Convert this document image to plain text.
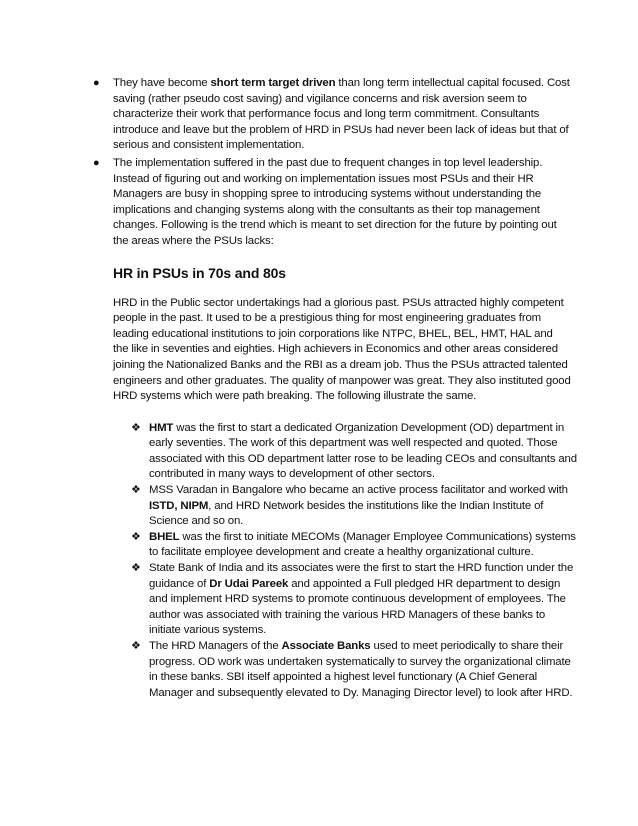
●	They have become short term target driven than long term intellectual capital focused. Cost saving (rather pseudo cost saving) and vigilance concerns and risk aversion seem to characterize their work that performance focus and long term commitment. Consultants introduce and leave but the problem of HRD in PSUs had never been lack of ideas but that of serious and consistent implementation.
●	The implementation suffered in the past due to frequent changes in top level leadership. Instead of figuring out and working on implementation issues most PSUs and their HR Managers are busy in shopping spree to introducing systems without understanding the implications and changing systems along with the consultants as their top management changes. Following is the trend which is meant to set direction for the future by pointing out the areas where the PSUs lacks:
HR in PSUs in 70s and 80s
HRD in the Public sector undertakings had a glorious past. PSUs attracted highly competent people in the past. It used to be a prestigious thing for most engineering graduates from leading educational institutions to join corporations like NTPC, BHEL, BEL, HMT, HAL and the like in seventies and eighties. High achievers in Economics and other areas considered joining the Nationalized Banks and the RBI as a dream job. Thus the PSUs attracted talented engineers and other graduates. The quality of manpower was great. They also instituted good HRD systems which were path breaking. The following illustrate the same.
❖ HMT was the first to start a dedicated Organization Development (OD) department in early seventies. The work of this department was well respected and quoted. Those associated with this OD department latter rose to be leading CEOs and consultants and contributed in many ways to development of other sectors.
❖ MSS Varadan in Bangalore who became an active process facilitator and worked with ISTD, NIPM, and HRD Network besides the institutions like the Indian Institute of Science and so on.
❖ BHEL was the first to initiate MECOMs (Manager Employee Communications) systems to facilitate employee development and create a healthy organizational culture.
❖ State Bank of India and its associates were the first to start the HRD function under the guidance of Dr Udai Pareek and appointed a Full pledged HR department to design and implement HRD systems to promote continuous development of employees. The author was associated with training the various HRD Managers of these banks to initiate various systems.
❖ The HRD Managers of the Associate Banks used to meet periodically to share their progress. OD work was undertaken systematically to survey the organizational climate in these banks. SBI itself appointed a highest level functionary (A Chief General Manager and subsequently elevated to Dy. Managing Director level) to look after HRD.
